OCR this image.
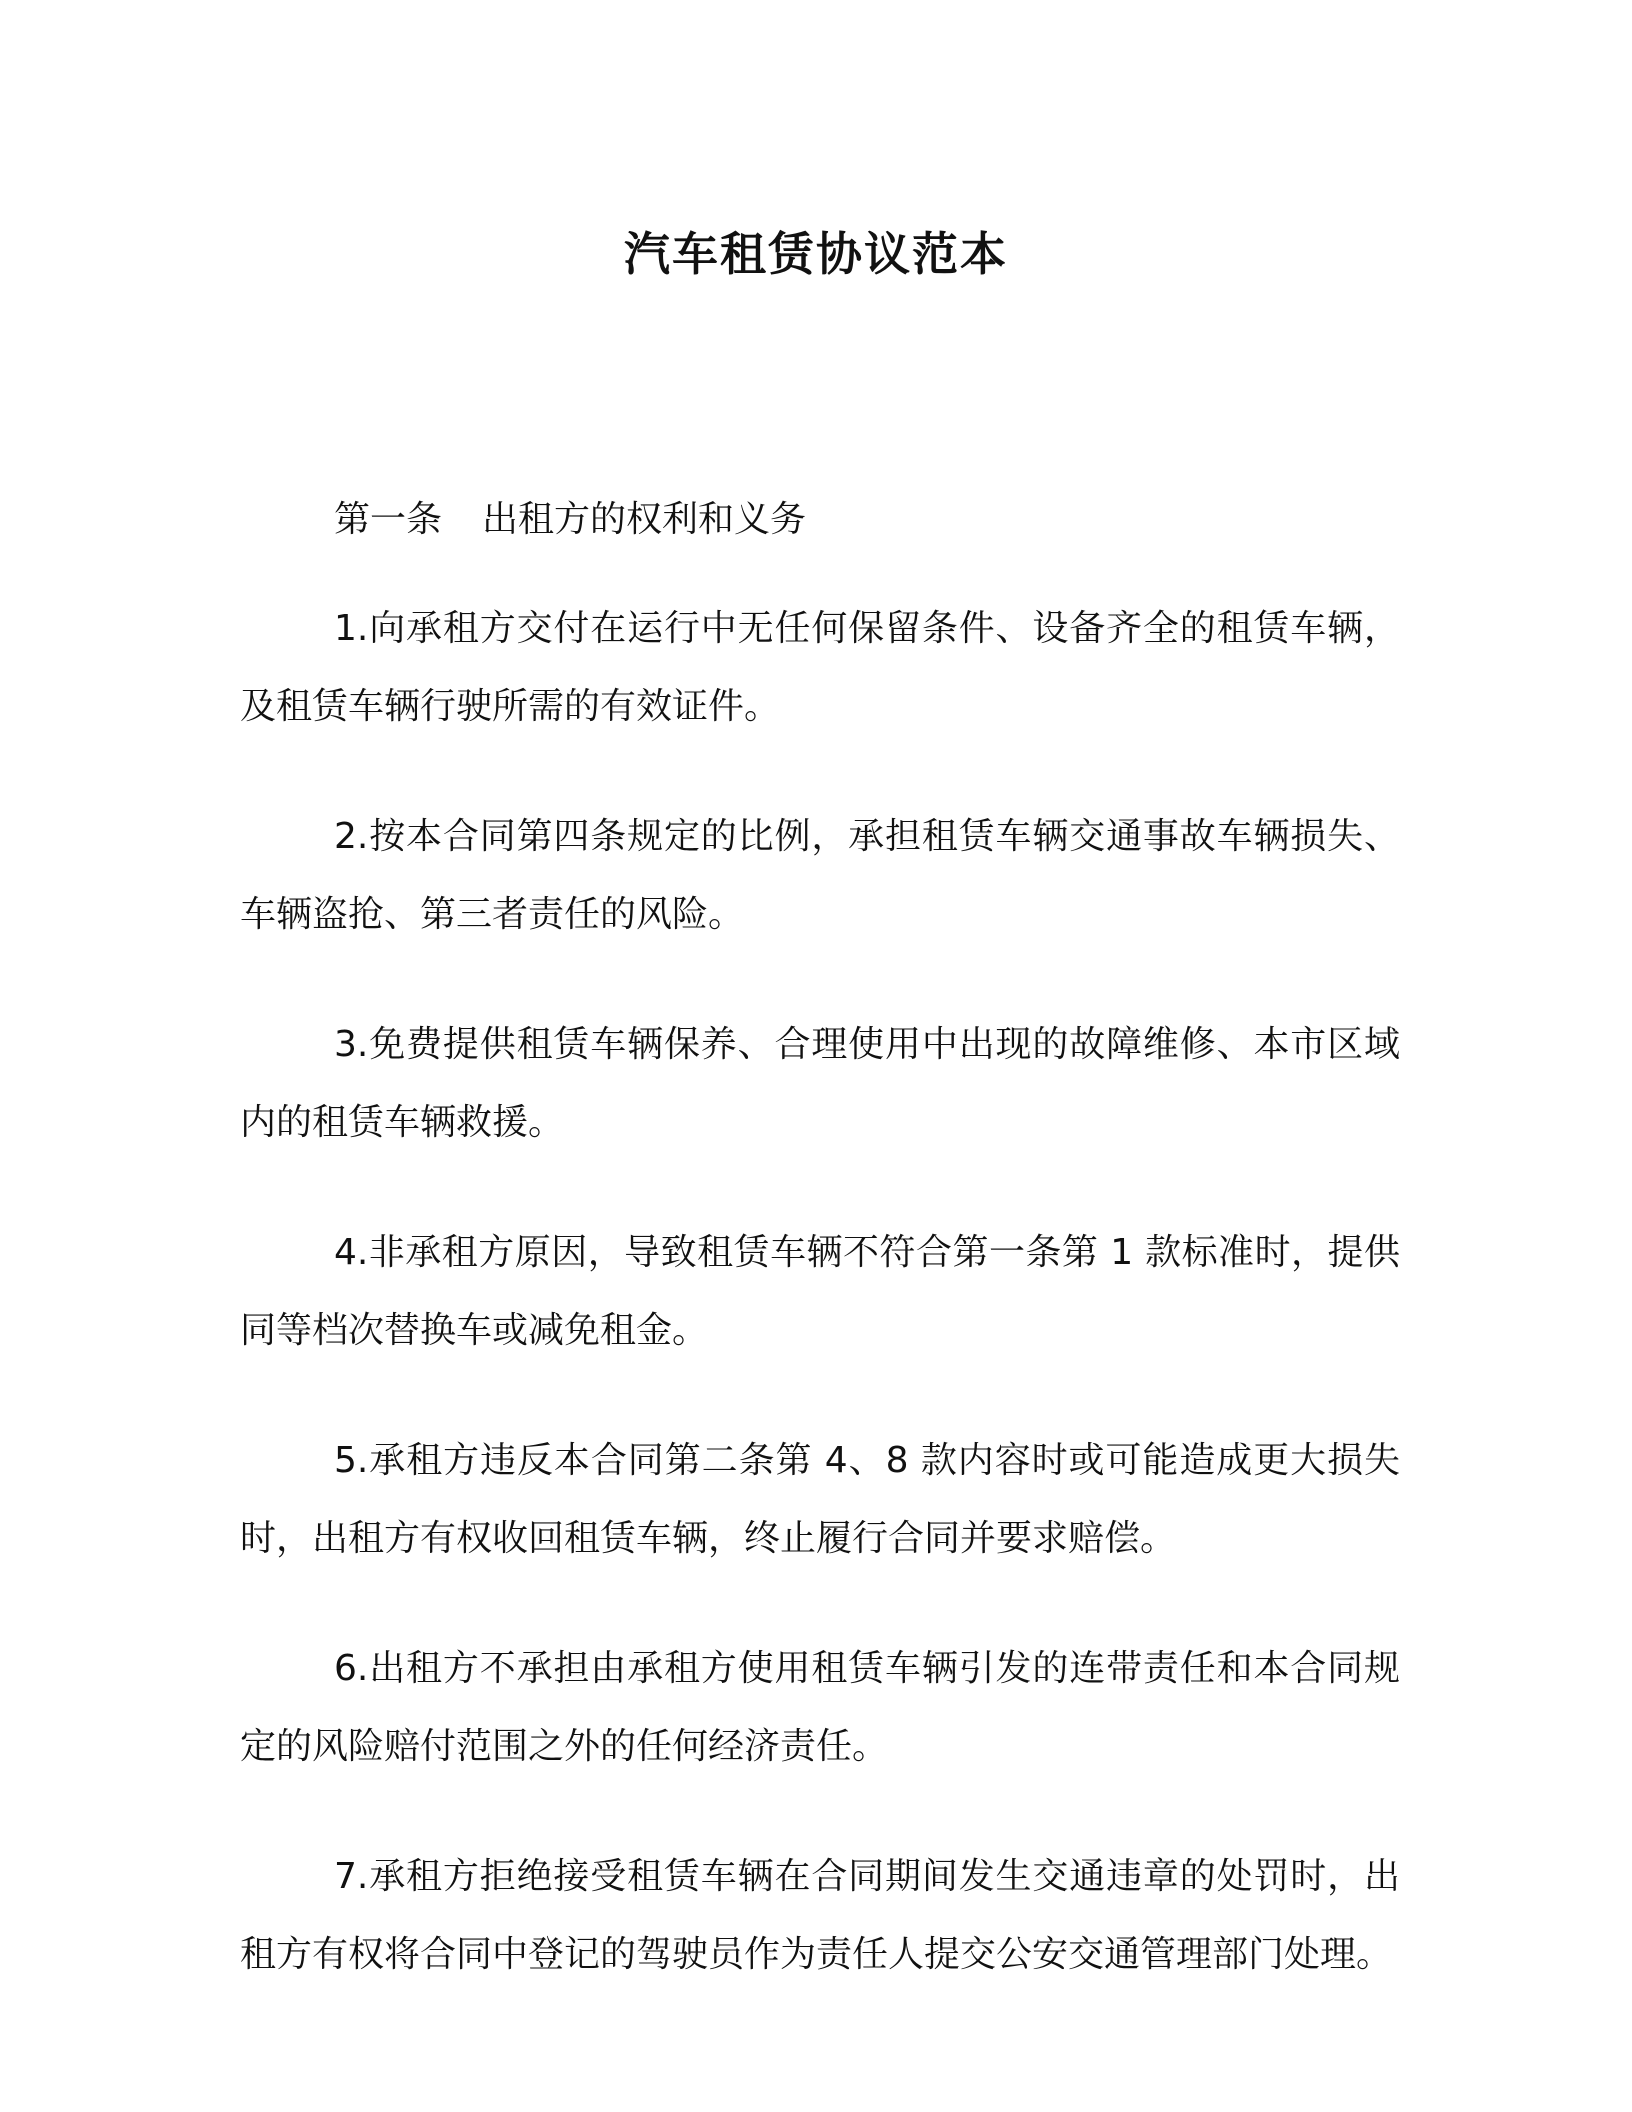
汽车租赁协议范本

第一条 出租方的权利和义务

1.向承租方交付在运行中无任何保留条件、设备齐全的租赁车辆，及租赁车辆行驶所需的有效证件。

2.按本合同第四条规定的比例，承担租赁车辆交通事故车辆损失、车辆盗抢、第三者责任的风险。

3.免费提供租赁车辆保养、合理使用中出现的故障维修、本市区域内的租赁车辆救援。

4.非承租方原因，导致租赁车辆不符合第一条第 1 款标准时，提供同等档次替换车或减免租金。

5.承租方违反本合同第二条第 4、8 款内容时或可能造成更大损失时，出租方有权收回租赁车辆，终止履行合同并要求赔偿。

6.出租方不承担由承租方使用租赁车辆引发的连带责任和本合同规定的风险赔付范围之外的任何经济责任。

7.承租方拒绝接受租赁车辆在合同期间发生交通违章的处罚时，出租方有权将合同中登记的驾驶员作为责任人提交公安交通管理部门处理。
